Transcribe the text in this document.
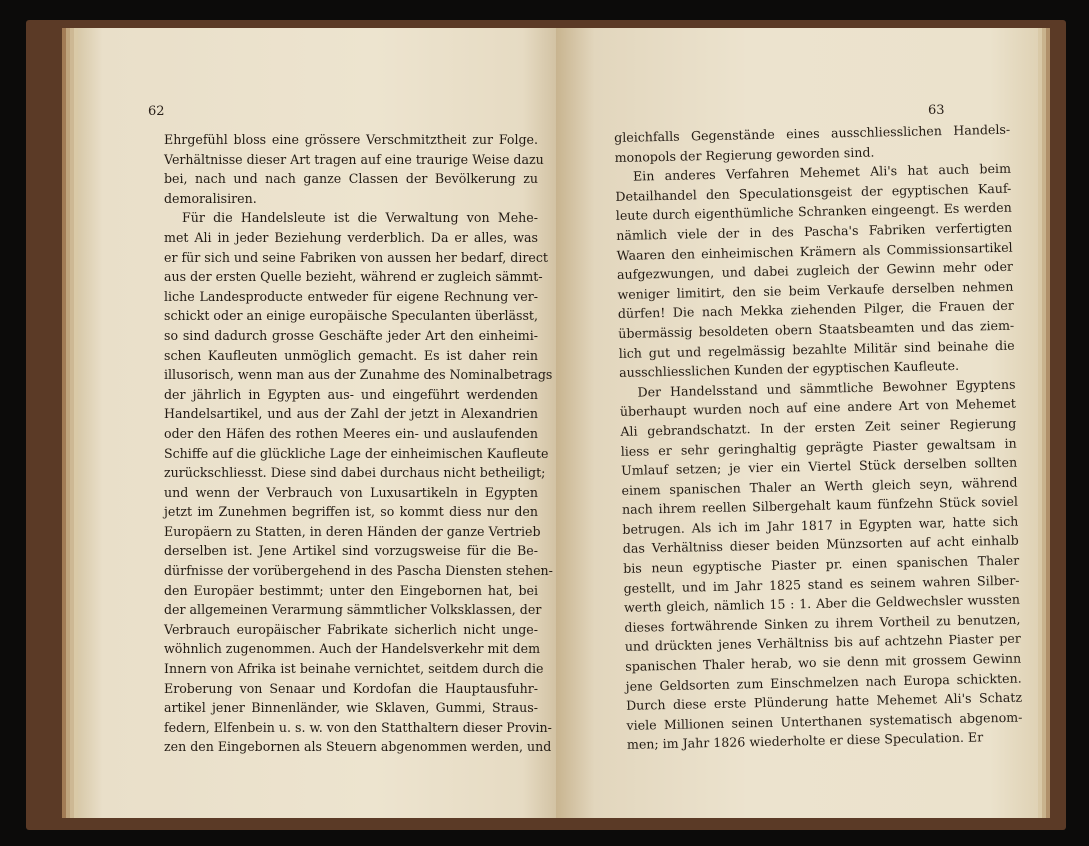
62
Ehrgefühl bloss eine grössere Verschmitztheit zur Folge.
Verhältnisse dieser Art tragen auf eine traurige Weise dazu
bei, nach und nach ganze Classen der Bevölkerung zu
demoralisiren.
Für die Handelsleute ist die Verwaltung von Mehe-
met Ali in jeder Beziehung verderblich. Da er alles, was
er für sich und seine Fabriken von aussen her bedarf, direct
aus der ersten Quelle bezieht, während er zugleich sämmt-
liche Landesproducte entweder für eigene Rechnung ver-
schickt oder an einige europäische Speculanten überlässt,
so sind dadurch grosse Geschäfte jeder Art den einheimi-
schen Kaufleuten unmöglich gemacht. Es ist daher rein
illusorisch, wenn man aus der Zunahme des Nominalbetrags
der jährlich in Egypten aus- und eingeführt werdenden
Handelsartikel, und aus der Zahl der jetzt in Alexandrien
oder den Häfen des rothen Meeres ein- und auslaufenden
Schiffe auf die glückliche Lage der einheimischen Kaufleute
zurückschliesst. Diese sind dabei durchaus nicht betheiligt;
und wenn der Verbrauch von Luxusartikeln in Egypten
jetzt im Zunehmen begriffen ist, so kommt diess nur den
Europäern zu Statten, in deren Händen der ganze Vertrieb
derselben ist. Jene Artikel sind vorzugsweise für die Be-
dürfnisse der vorübergehend in des Pascha Diensten stehen-
den Europäer bestimmt; unter den Eingebornen hat, bei
der allgemeinen Verarmung sämmtlicher Volksklassen, der
Verbrauch europäischer Fabrikate sicherlich nicht unge-
wöhnlich zugenommen. Auch der Handelsverkehr mit dem
Innern von Afrika ist beinahe vernichtet, seitdem durch die
Eroberung von Senaar und Kordofan die Hauptausfuhr-
artikel jener Binnenländer, wie Sklaven, Gummi, Straus-
federn, Elfenbein u. s. w. von den Statthaltern dieser Provin-
zen den Eingebornen als Steuern abgenommen werden, und
63
gleichfalls Gegenstände eines ausschliesslichen Handels-
monopols der Regierung geworden sind.
Ein anderes Verfahren Mehemet Ali's hat auch beim
Detailhandel den Speculationsgeist der egyptischen Kauf-
leute durch eigenthümliche Schranken eingeengt. Es werden
nämlich viele der in des Pascha's Fabriken verfertigten
Waaren den einheimischen Krämern als Commissionsartikel
aufgezwungen, und dabei zugleich der Gewinn mehr oder
weniger limitirt, den sie beim Verkaufe derselben nehmen
dürfen! Die nach Mekka ziehenden Pilger, die Frauen der
übermässig besoldeten obern Staatsbeamten und das ziem-
lich gut und regelmässig bezahlte Militär sind beinahe die
ausschliesslichen Kunden der egyptischen Kaufleute.
Der Handelsstand und sämmtliche Bewohner Egyptens
überhaupt wurden noch auf eine andere Art von Mehemet
Ali gebrandschatzt. In der ersten Zeit seiner Regierung
liess er sehr geringhaltig geprägte Piaster gewaltsam in
Umlauf setzen; je vier ein Viertel Stück derselben sollten
einem spanischen Thaler an Werth gleich seyn, während
nach ihrem reellen Silbergehalt kaum fünfzehn Stück soviel
betrugen. Als ich im Jahr 1817 in Egypten war, hatte sich
das Verhältniss dieser beiden Münzsorten auf acht einhalb
bis neun egyptische Piaster pr. einen spanischen Thaler
gestellt, und im Jahr 1825 stand es seinem wahren Silber-
werth gleich, nämlich 15 : 1. Aber die Geldwechsler wussten
dieses fortwährende Sinken zu ihrem Vortheil zu benutzen,
und drückten jenes Verhältniss bis auf achtzehn Piaster per
spanischen Thaler herab, wo sie denn mit grossem Gewinn
jene Geldsorten zum Einschmelzen nach Europa schickten.
Durch diese erste Plünderung hatte Mehemet Ali's Schatz
viele Millionen seinen Unterthanen systematisch abgenom-
men; im Jahr 1826 wiederholte er diese Speculation. Er
